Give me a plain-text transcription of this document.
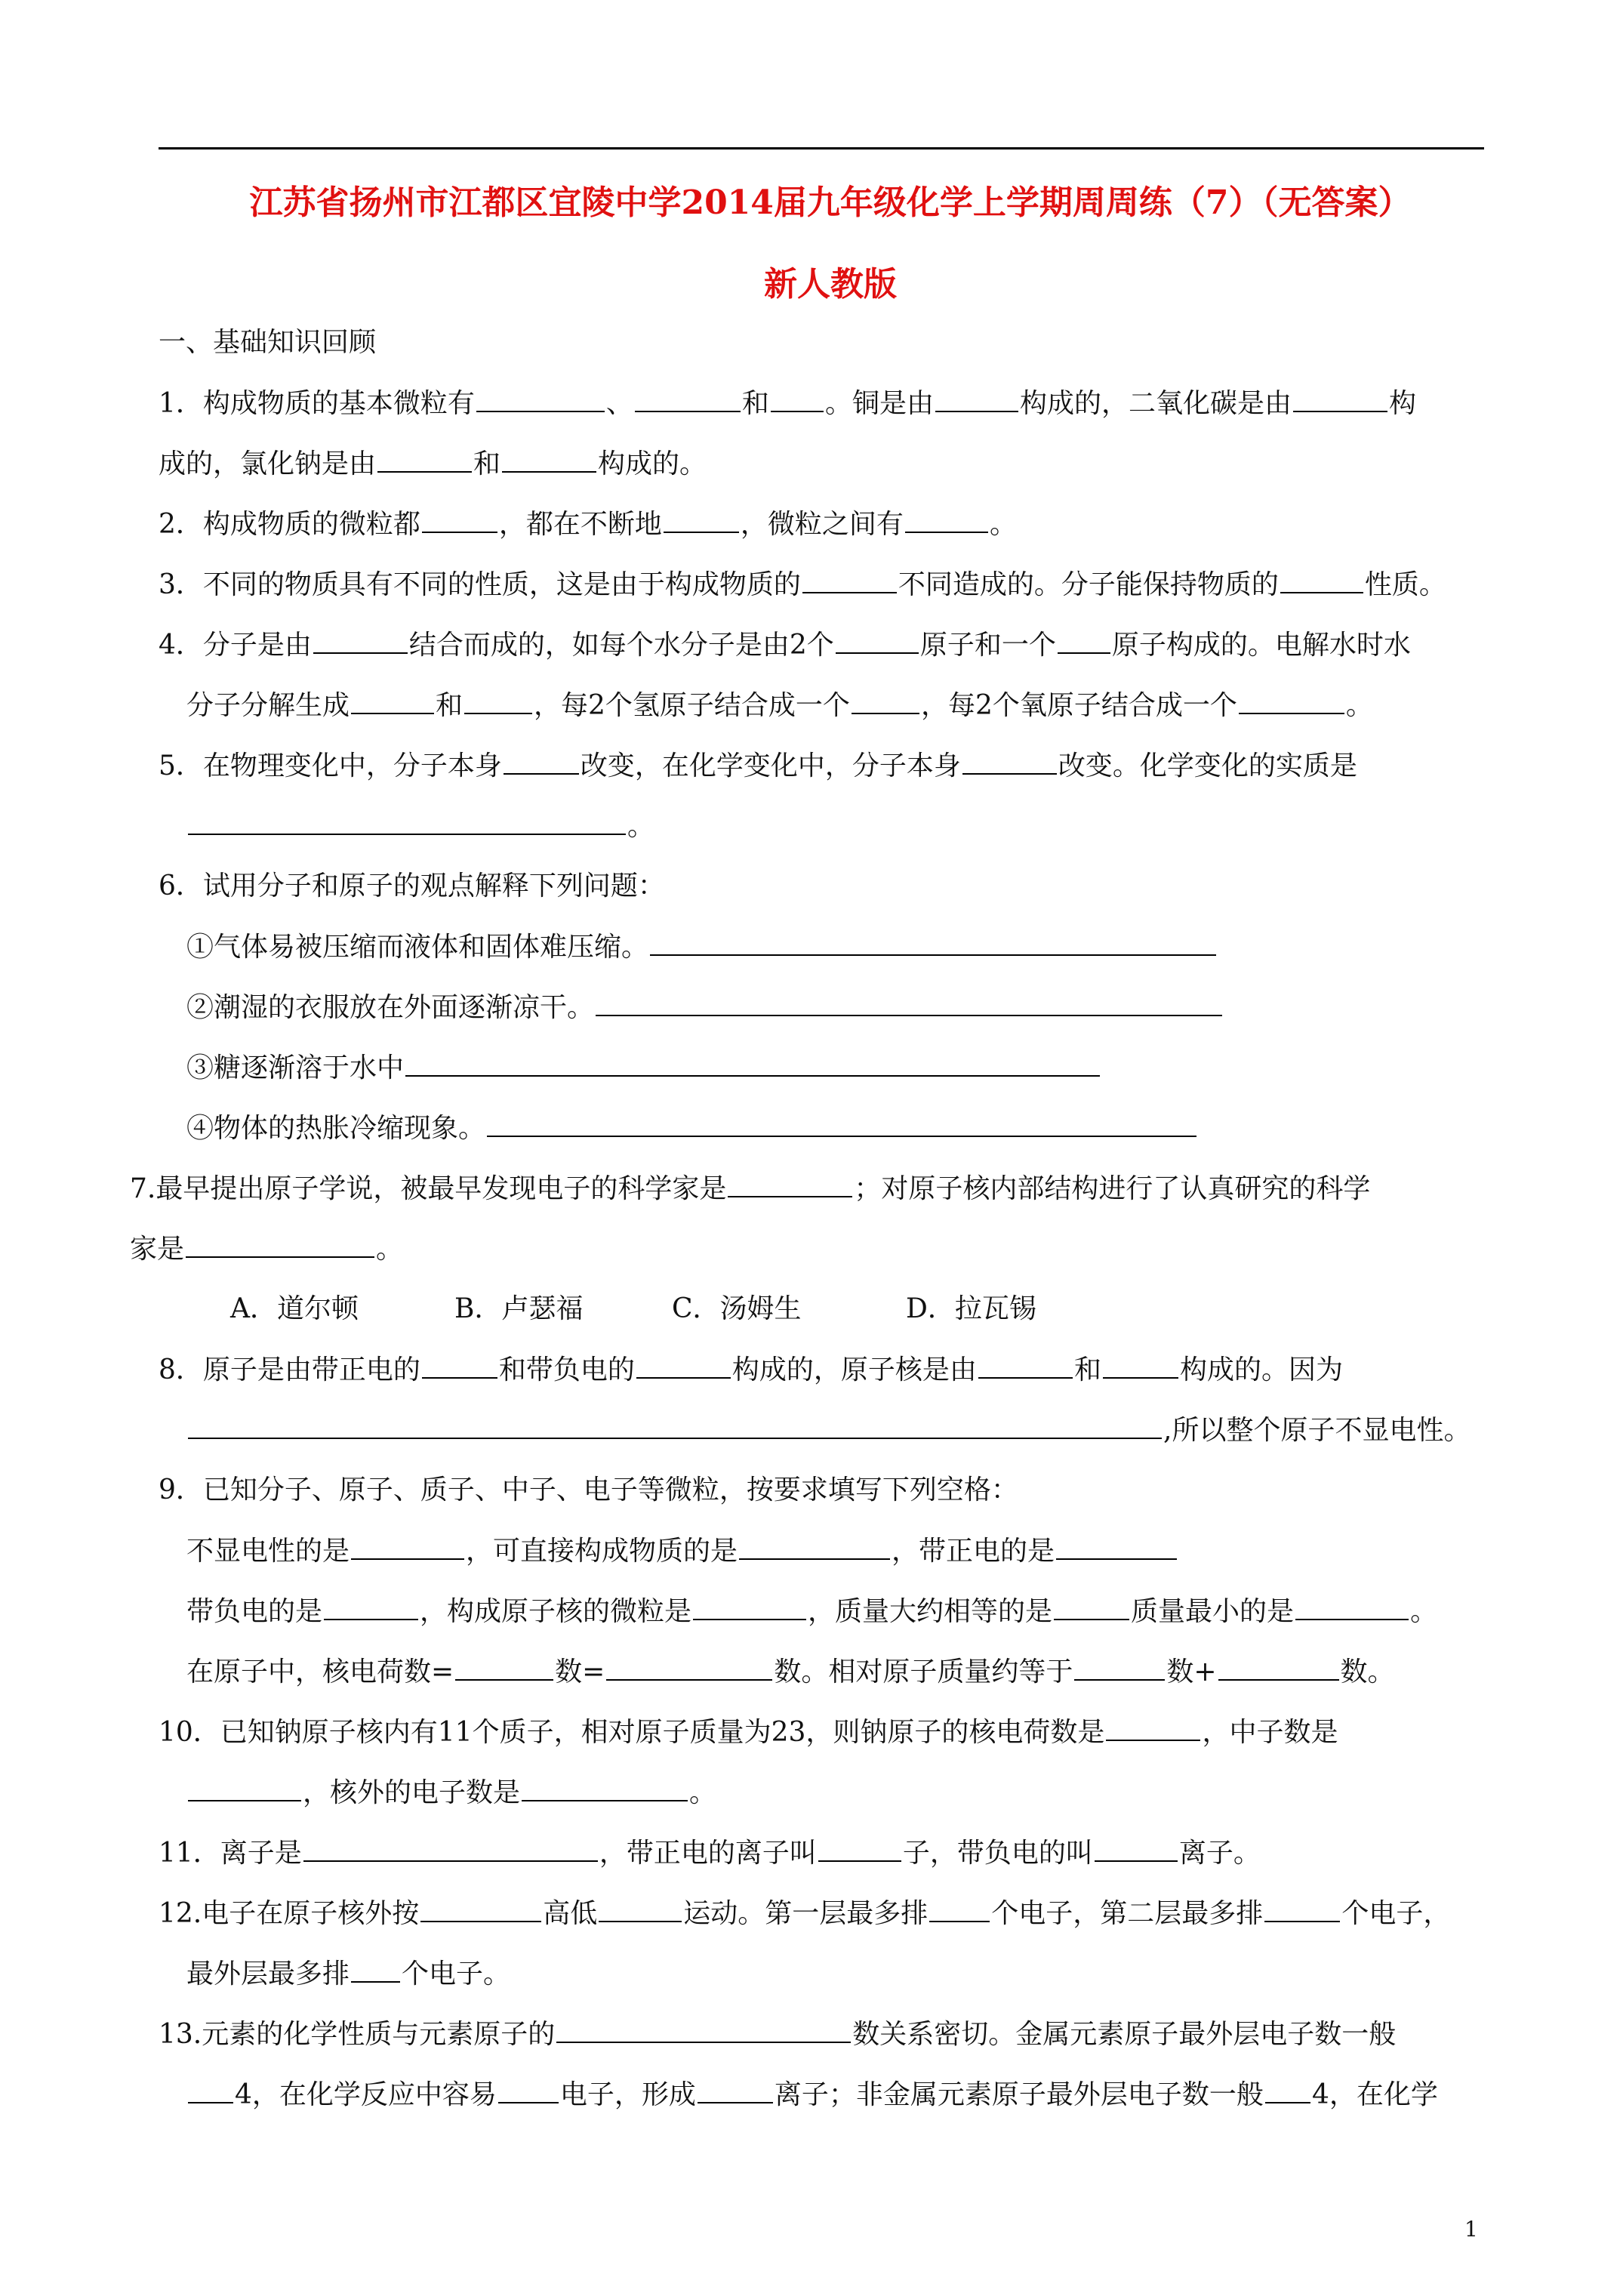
江苏省扬州市江都区宜陵中学2014届九年级化学上学期周周练（7）（无答案）
新人教版
一、基础知识回顾
1．构成物质的基本微粒有	、	和 。铜是由	构成的，二氧化碳是由	构
成的，氯化钠是由	和	构成的。
2．构成物质的微粒都	，都在不断地	，微粒之间有	。
3．不同的物质具有不同的性质，这是由于构成物质的	不同造成的。分子能保持物质的	性质。
4．分子是由	结合而成的，如每个水分子是由2个	原子和一个 原子构成的。电解水时水
分子分解生成	和	，每2个氢原子结合成一个	，每2个氧原子结合成一个	。
5．在物理变化中，分子本身	改变，在化学变化中，分子本身	改变。化学变化的实质是
。
6．试用分子和原子的观点解释下列问题：
①气体易被压缩而液体和固体难压缩。
②潮湿的衣服放在外面逐渐凉干。
③糖逐渐溶于水中
④物体的热胀冷缩现象。
7.最早提出原子学说，被最早发现电子的科学家是	；对原子核内部结构进行了认真研究的科学
家是	。
A．道尔顿	B．卢瑟福	C．汤姆生	D．拉瓦锡
8．原子是由带正电的	和带负电的	构成的，原子核是由	和	构成的。因为
,所以整个原子不显电性。
9．已知分子、原子、质子、中子、电子等微粒，按要求填写下列空格：
不显电性的是	，可直接构成物质的是	，带正电的是
带负电的是	，构成原子核的微粒是	，质量大约相等的是	质量最小的是	。
在原子中，核电荷数=	数=	数。相对原子质量约等于	数+	数。
10．已知钠原子核内有11个质子，相对原子质量为23，则钠原子的核电荷数是	，中子数是
，核外的电子数是	。
11．离子是	，带正电的离子叫	子，带负电的叫	离子。
12.电子在原子核外按	高低	运动。第一层最多排 个电子，第二层最多排	个电子，
最外层最多排 个电子。
13.元素的化学性质与元素原子的	数关系密切。金属元素原子最外层电子数一般
4，在化学反应中容易 电子，形成	离子；非金属元素原子最外层电子数一般 4，在化学
1
